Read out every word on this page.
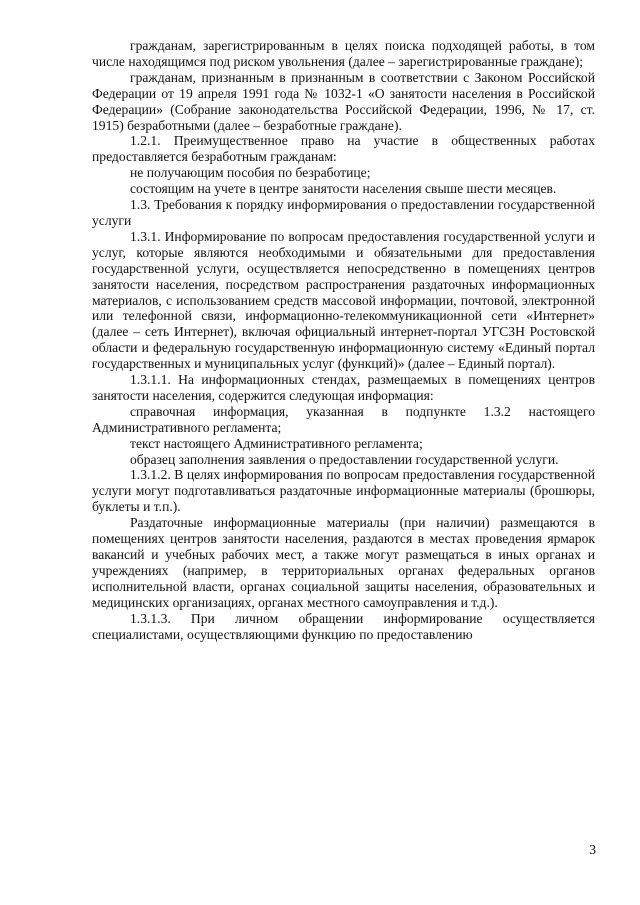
гражданам, зарегистрированным в целях поиска подходящей работы, в том числе находящимся под риском увольнения (далее – зарегистрированные граждане);

гражданам, признанным в признанным в соответствии с Законом Российской Федерации от 19 апреля 1991 года № 1032-1 «О занятости населения в Российской Федерации» (Собрание законодательства Российской Федерации, 1996, № 17, ст. 1915) безработными (далее – безработные граждане).

1.2.1. Преимущественное право на участие в общественных работах предоставляется безработным гражданам:

не получающим пособия по безработице;

состоящим на учете в центре занятости населения свыше шести месяцев.

1.3. Требования к порядку информирования о предоставлении государственной услуги

1.3.1. Информирование по вопросам предоставления государственной услуги и услуг, которые являются необходимыми и обязательными для предоставления государственной услуги, осуществляется непосредственно в помещениях центров занятости населения, посредством распространения раздаточных информационных материалов, с использованием средств массовой информации, почтовой, электронной или телефонной связи, информационно-телекоммуникационной сети «Интернет» (далее – сеть Интернет), включая официальный интернет-портал УГСЗН Ростовской области и федеральную государственную информационную систему «Единый портал государственных и муниципальных услуг (функций)» (далее – Единый портал).

1.3.1.1. На информационных стендах, размещаемых в помещениях центров занятости населения, содержится следующая информация:

справочная информация, указанная в подпункте 1.3.2 настоящего Административного регламента;

текст настоящего Административного регламента;

образец заполнения заявления о предоставлении государственной услуги.

1.3.1.2. В целях информирования по вопросам предоставления государственной услуги могут подготавливаться раздаточные информационные материалы (брошюры, буклеты и т.п.).

Раздаточные информационные материалы (при наличии) размещаются в помещениях центров занятости населения, раздаются в местах проведения ярмарок вакансий и учебных рабочих мест, а также могут размещаться в иных органах и учреждениях (например, в территориальных органах федеральных органов исполнительной власти, органах социальной защиты населения, образовательных и медицинских организациях, органах местного самоуправления и т.д.).

1.3.1.3. При личном обращении информирование осуществляется специалистами, осуществляющими функцию по предоставлению

3
